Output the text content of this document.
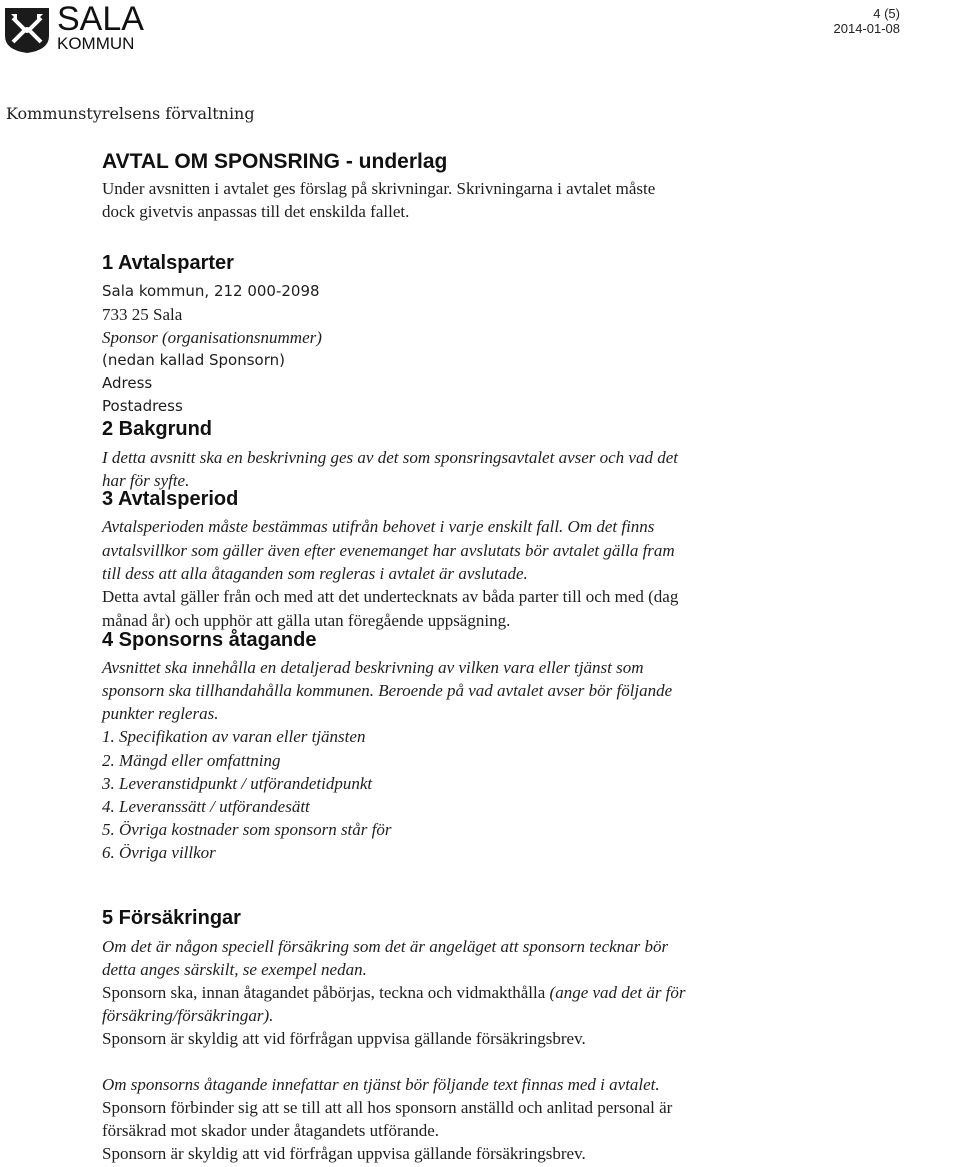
SALA
KOMMUN
4 (5)
2014-01-08
Kommunstyrelsens förvaltning
AVTAL OM SPONSRING - underlag
Under avsnitten i avtalet ges förslag på skrivningar. Skrivningarna i avtalet måste
dock givetvis anpassas till det enskilda fallet.
1 Avtalsparter
Sala kommun, 212 000-2098
733 25 Sala
Sponsor (organisationsnummer)
(nedan kallad Sponsorn)
Adress
Postadress
2 Bakgrund
I detta avsnitt ska en beskrivning ges av det som sponsringsavtalet avser och vad det
har för syfte.
3 Avtalsperiod
Avtalsperioden måste bestämmas utifrån behovet i varje enskilt fall. Om det finns
avtalsvillkor som gäller även efter evenemanget har avslutats bör avtalet gälla fram
till dess att alla åtaganden som regleras i avtalet är avslutade.
Detta avtal gäller från och med att det undertecknats av båda parter till och med (dag
månad år) och upphör att gälla utan föregående uppsägning.
4 Sponsorns åtagande
Avsnittet ska innehålla en detaljerad beskrivning av vilken vara eller tjänst som
sponsorn ska tillhandahålla kommunen. Beroende på vad avtalet avser bör följande
punkter regleras.
1. Specifikation av varan eller tjänsten
2. Mängd eller omfattning
3. Leveranstidpunkt / utförandetidpunkt
4. Leveranssätt / utförandesätt
5. Övriga kostnader som sponsorn står för
6. Övriga villkor
5 Försäkringar
Om det är någon speciell försäkring som det är angeläget att sponsorn tecknar bör
detta anges särskilt, se exempel nedan.
Sponsorn ska, innan åtagandet påbörjas, teckna och vidmakthålla (ange vad det är för
försäkring/försäkringar).
Sponsorn är skyldig att vid förfrågan uppvisa gällande försäkringsbrev.
Om sponsorns åtagande innefattar en tjänst bör följande text finnas med i avtalet.
Sponsorn förbinder sig att se till att all hos sponsorn anställd och anlitad personal är
försäkrad mot skador under åtagandets utförande.
Sponsorn är skyldig att vid förfrågan uppvisa gällande försäkringsbrev.
